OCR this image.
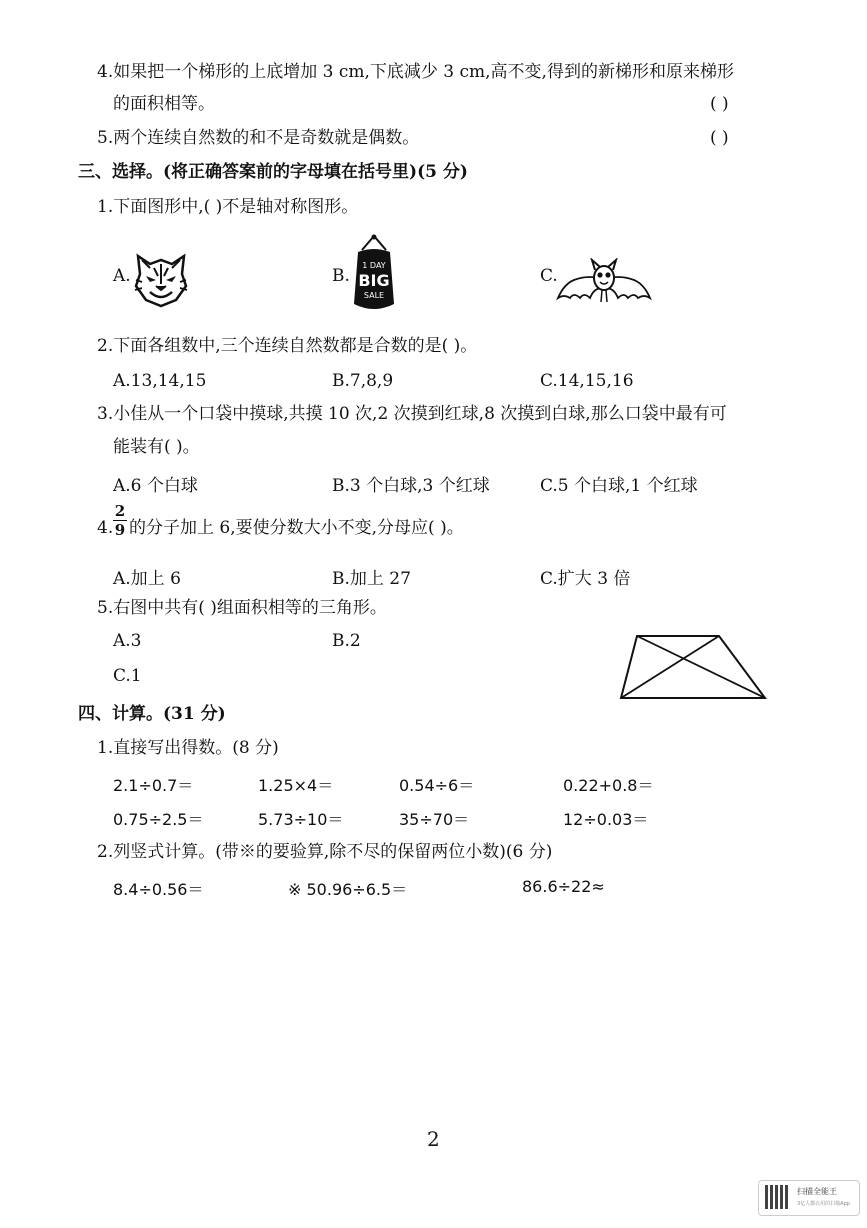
4.如果把一个梯形的上底增加 3 cm,下底减少 3 cm,高不变,得到的新梯形和原来梯形
的面积相等。	( )
5.两个连续自然数的和不是奇数就是偶数。	( )
三、选择。(将正确答案前的字母填在括号里)(5 分)
1.下面图形中,( )不是轴对称图形。
A.	B.
1 DAY
BIG
SALE
C.
2.下面各组数中,三个连续自然数都是合数的是( )。
A.13,14,15	B.7,8,9	C.14,15,16
3.小佳从一个口袋中摸球,共摸 10 次,2 次摸到红球,8 次摸到白球,那么口袋中最有可
能装有( )。
A.6 个白球	B.3 个白球,3 个红球	C.5 个白球,1 个红球
4.
2
9 的分子加上 6,要使分数大小不变,分母应( )。
A.加上 6	B.加上 27	C.扩大 3 倍
5.右图中共有( )组面积相等的三角形。
A.3	B.2
C.1
四、计算。(31 分)
1.直接写出得数。(8 分)
2.1÷0.7＝	1.25×4＝	0.54÷6＝	0.22+0.8＝
0.75÷2.5＝	5.73÷10＝	35÷70＝	12÷0.03＝
2.列竖式计算。(带※的要验算,除不尽的保留两位小数)(6 分)
8.4÷0.56＝	※ 50.96÷6.5＝	86.6÷22≈
2
扫描全能王
3亿人都在用的扫描App
